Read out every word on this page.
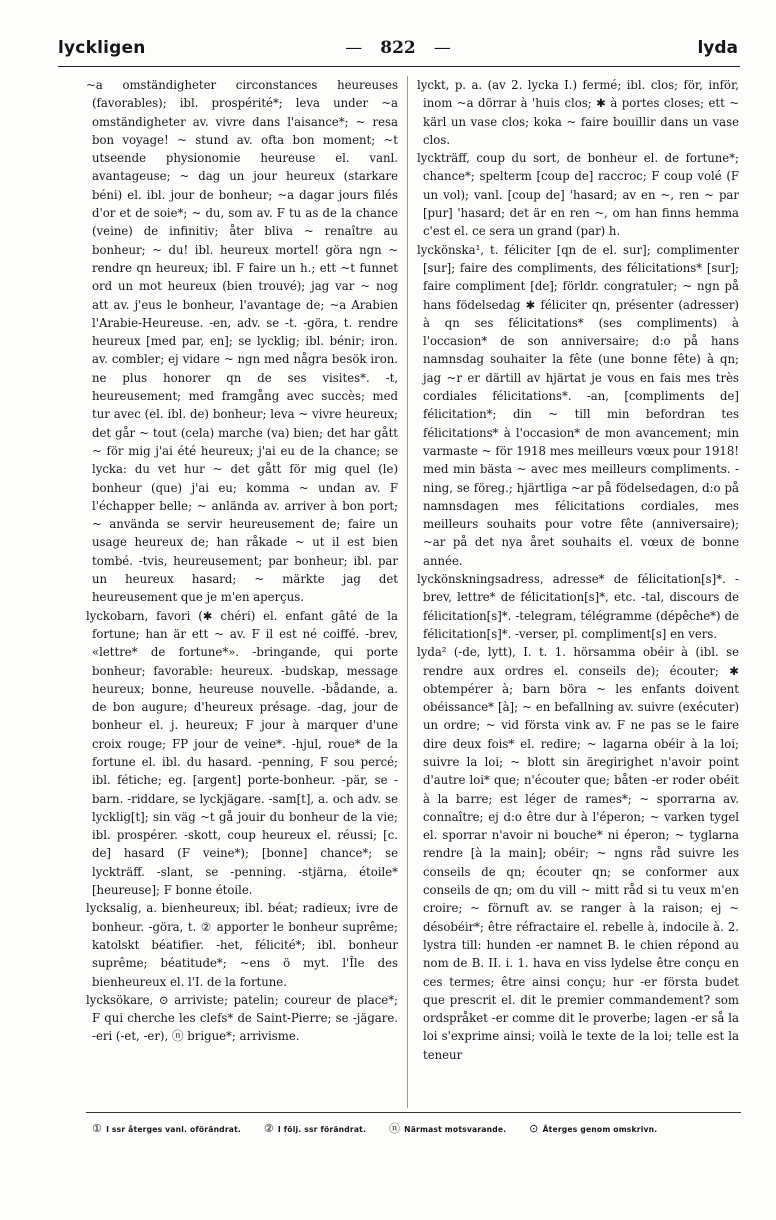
lyckligen	— 822 —	lyda

~a omständigheter circonstances heureuses (favorables); ibl. prospérité*; leva under ~a omständigheter av. vivre dans l'aisance*; ~ resa bon voyage! ~ stund av. ofta bon moment; ~t utseende physionomie heureuse el. vanl. avantageuse; ~ dag un jour heureux (starkare béni) el. ibl. jour de bonheur; ~a dagar jours filés d'or et de soie*; ~ du, som av. F tu as de la chance (veine) de infinitiv; åter bliva ~ renaître au bonheur; ~ du! ibl. heureux mortel! göra ngn ~ rendre qn heureux; ibl. F faire un h.; ett ~t funnet ord un mot heureux (bien trouvé); jag var ~ nog att av. j'eus le bonheur, l'avantage de; ~a Arabien l'Arabie-Heureuse. -en, adv. se -t. -göra, t. rendre heureux [med par, en]; se lycklig; ibl. bénir; iron. av. combler; ej vidare ~ ngn med några besök iron. ne plus honorer qn de ses visites*. -t, heureusement; med framgång avec succès; med tur avec (el. ibl. de) bonheur; leva ~ vivre heureux; det går ~ tout (cela) marche (va) bien; det har gått ~ för mig j'ai été heureux; j'ai eu de la chance; se lycka: du vet hur ~ det gått för mig quel (le) bonheur (que) j'ai eu; komma ~ undan av. F l'échapper belle; ~ anlända av. arriver à bon port; ~ använda se servir heureusement de; faire un usage heureux de; han råkade ~ ut il est bien tombé. -tvis, heureusement; par bonheur; ibl. par un heureux hasard; ~ märkte jag det heureusement que je m'en aperçus.

lyckobarn, favori (✱ chéri) el. enfant gâté de la fortune; han är ett ~ av. F il est né coiffé. -brev, «lettre* de fortune*». -bringande, qui porte bonheur; favorable: heureux. -budskap, message heureux; bonne, heureuse nouvelle. -bådande, a. de bon augure; d'heureux présage. -dag, jour de bonheur el. j. heureux; F jour à marquer d'une croix rouge; FP jour de veine*. -hjul, roue* de la fortune el. ibl. du hasard. -penning, F sou percé; ibl. fétiche; eg. [argent] porte-bonheur. -pär, se -barn. -riddare, se lyckjägare. -sam[t], a. och adv. se lycklig[t]; sin väg ~t gå jouir du bonheur de la vie; ibl. prospérer. -skott, coup heureux el. réussi; [c. de] hasard (F veine*); [bonne] chance*; se lyckträff. -slant, se -penning. -stjärna, étoile* [heureuse]; F bonne étoile.

lycksalig, a. bienheureux; ibl. béat; radieux; ivre de bonheur. -göra, t. ② apporter le bonheur suprême; katolskt béatifier. -het, félicité*; ibl. bonheur suprême; béatitude*; ~ens ö myt. l'Île des bienheureux el. l'I. de la fortune.

lycksökare, ⊙ arriviste; patelin; coureur de place*; F qui cherche les clefs* de Saint-Pierre; se -jägare. -eri (-et, -er), ⓝ brigue*; arrivisme.

lyckt, p. a. (av 2. lycka I.) fermé; ibl. clos; för, inför, inom ~a dörrar à 'huis clos; ✱ à portes closes; ett ~ kärl un vase clos; koka ~ faire bouillir dans un vase clos.

lyckträff, coup du sort, de bonheur el. de fortune*; chance*; spelterm [coup de] raccroc; F coup volé (F un vol); vanl. [coup de] 'hasard; av en ~, ren ~ par [pur] 'hasard; det är en ren ~, om han finns hemma c'est el. ce sera un grand (par) h.

lyckönska¹, t. féliciter [qn de el. sur]; complimenter [sur]; faire des compliments, des félicitations* [sur]; faire compliment [de]; förldr. congratuler; ~ ngn på hans födelsedag ✱ féliciter qn, présenter (adresser) à qn ses félicitations* (ses compliments) à l'occasion* de son anniversaire; d:o på hans namnsdag souhaiter la fête (une bonne fête) à qn; jag ~r er därtill av hjärtat je vous en fais mes très cordiales félicitations*. -an, [compliments de] félicitation*; din ~ till min befordran tes félicitations* à l'occasion* de mon avancement; min varmaste ~ för 1918 mes meilleurs vœux pour 1918! med min bästa ~ avec mes meilleurs compliments. -ning, se föreg.; hjärtliga ~ar på födelsedagen, d:o på namnsdagen mes félicitations cordiales, mes meilleurs souhaits pour votre fête (anniversaire); ~ar på det nya året souhaits el. vœux de bonne année.

lyckönskningsadress, adresse* de félicitation[s]*. -brev, lettre* de félicitation[s]*, etc. -tal, discours de félicitation[s]*. -telegram, télégramme (dépêche*) de félicitation[s]*. -verser, pl. compliment[s] en vers.

lyda² (-de, lytt), I. t. 1. hörsamma obéir à (ibl. se rendre aux ordres el. conseils de); écouter; ✱ obtempérer à; barn böra ~ les enfants doivent obéissance* [à]; ~ en befallning av. suivre (exécuter) un ordre; ~ vid första vink av. F ne pas se le faire dire deux fois* el. redire; ~ lagarna obéir à la loi; suivre la loi; ~ blott sin äregirighet n'avoir point d'autre loi* que; n'écouter que; båten -er roder obéit à la barre; est léger de rames*; ~ sporrarna av. connaître; ej d:o être dur à l'éperon; ~ varken tygel el. sporrar n'avoir ni bouche* ni éperon; ~ tyglarna rendre [à la main]; obéir; ~ ngns råd suivre les conseils de qn; écouter qn; se conformer aux conseils de qn; om du vill ~ mitt råd si tu veux m'en croire; ~ förnuft av. se ranger à la raison; ej ~ désobéir*; être réfractaire el. rebelle à, indocile à. 2. lystra till: hunden -er namnet B. le chien répond au nom de B. II. i. 1. hava en viss lydelse être conçu en ces termes; être ainsi conçu; hur -er första budet que prescrit el. dit le premier commandement? som ordspråket -er comme dit le proverbe; lagen -er så la loi s'exprime ainsi; voilà le texte de la loi; telle est la teneur

① I ssr återges vanl. oförändrat. ② I följ. ssr förändrat. ⓝ Närmast motsvarande. ⊙ Återges genom omskrivn.
